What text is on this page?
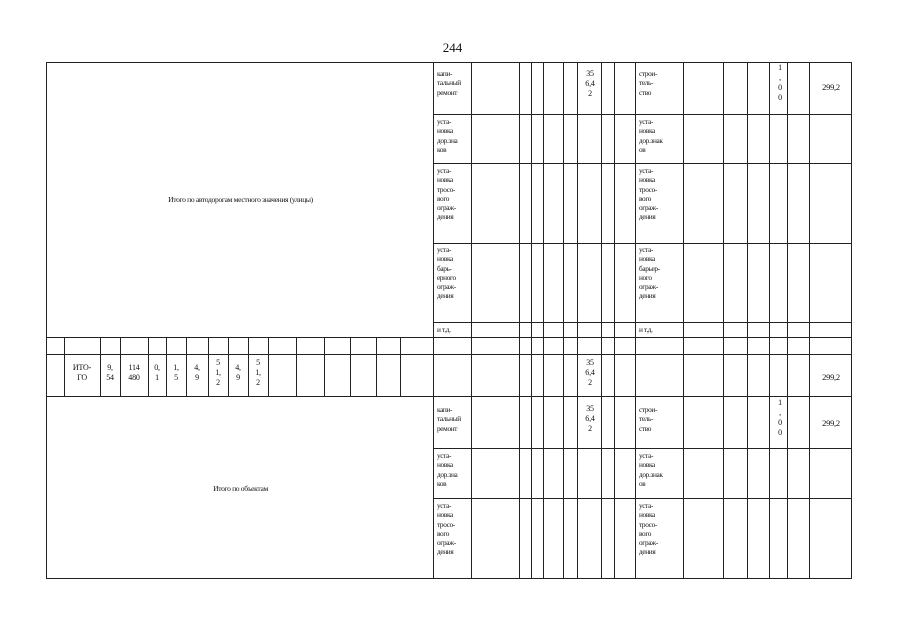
244
Итого по автодорогам местного значения (улицы)
капи-
тальный
ремонт
уста-
новка
дор.зна
ков
уста-
новка
тросо-
вого
ограж-
дения
уста-
новка
барь-
ерного
ограж-
дения
и т.д.
35
6,4
2
строи-
тель-
ство
уста-
новка
дор.знак
ов
уста-
новка
тросо-
вого
ограж-
дения
уста-
новка
барьер-
ного
ограж-
дения
и т.д.
1
,
0
0
299,2
ИТО-
ГО
9,
54
114
480
0,
1
1,
5
4,
9
5
1,
2
4,
9
5
1,
2
35
6,4
2
299,2
Итого по объектам
капи-
тальный
ремонт
уста-
новка
дор.зна
ков
уста-
новка
тросо-
вого
ограж-
дения
35
6,4
2
строи-
тель-
ство
уста-
новка
дор.знак
ов
уста-
новка
тросо-
вого
ограж-
дения
1
,
0
0
299,2
